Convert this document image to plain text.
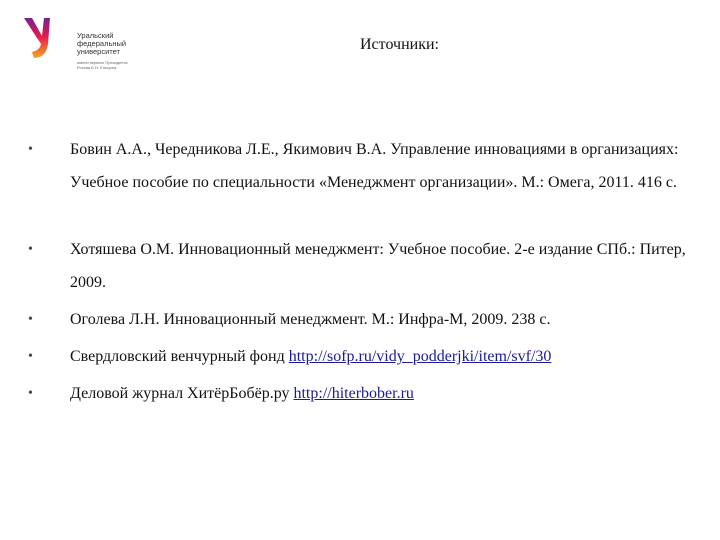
Уральский
федеральный
университет
имени первого Президента России Б.Н. Ельцина
Источники:
• Бовин А.А., Чередникова Л.Е., Якимович В.А. Управление инновациями в организациях: Учебное пособие по специальности «Менеджмент организации». М.: Омега, 2011. 416 с.
• Хотяшева О.М. Инновационный менеджмент: Учебное пособие. 2-е издание СПб.: Питер, 2009.
• Оголева Л.Н. Инновационный менеджмент. М.: Инфра-М, 2009. 238 с.
• Свердловский венчурный фонд http://sofp.ru/vidy_podderjki/item/svf/30
• Деловой журнал ХитёрБобёр.ру http://hiterbober.ru
